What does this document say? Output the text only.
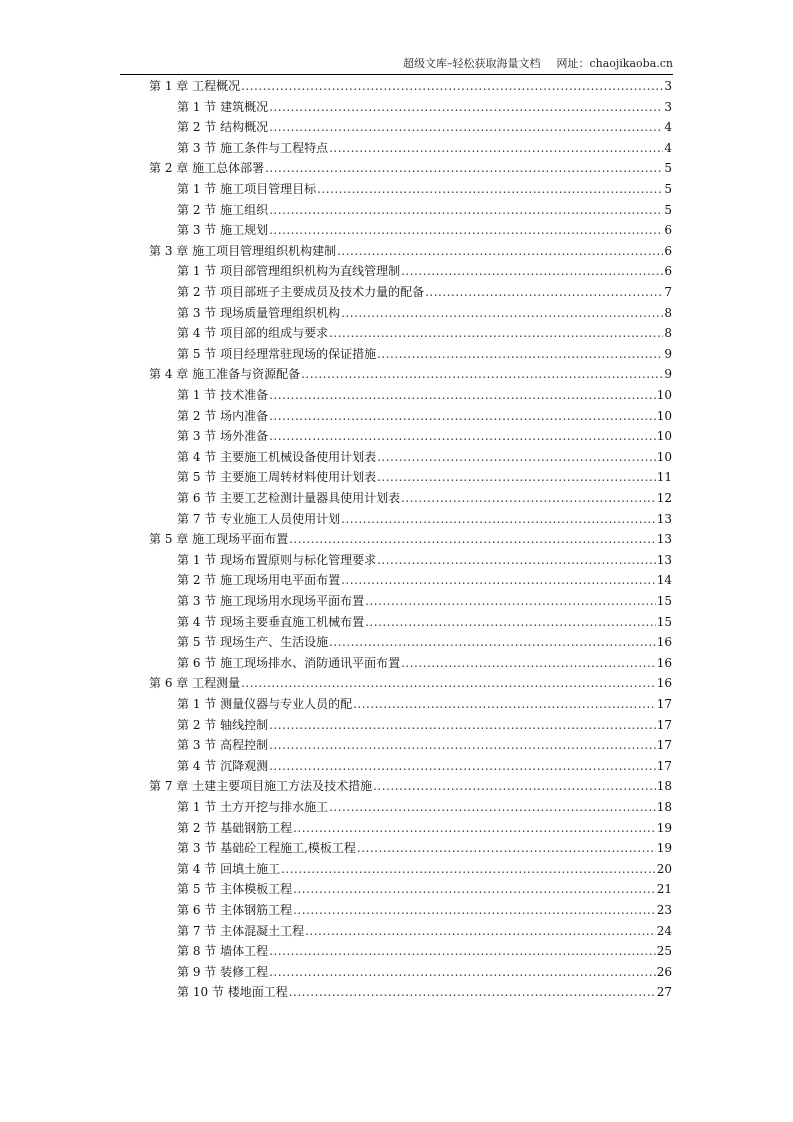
超级文库–轻松获取海量文档 网址：chaojikaoba.cn
第 1 章 工程概况 .....	3
第 1 节 建筑概况 .....	3
第 2 节 结构概况 .....	4
第 3 节 施工条件与工程特点 .....	4
第 2 章 施工总体部署 .....	5
第 1 节 施工项目管理目标 .....	5
第 2 节 施工组织 .....	5
第 3 节 施工规划 .....	6
第 3 章 施工项目管理组织机构建制 .....	6
第 1 节 项目部管理组织机构为直线管理制 .....	6
第 2 节 项目部班子主要成员及技术力量的配备 .....	7
第 3 节 现场质量管理组织机构 .....	8
第 4 节 项目部的组成与要求 .....	8
第 5 节 项目经理常驻现场的保证措施 .....	9
第 4 章 施工准备与资源配备 .....	9
第 1 节 技术准备 .....	10
第 2 节 场内准备 .....	10
第 3 节 场外准备 .....	10
第 4 节 主要施工机械设备使用计划表 .....	10
第 5 节 主要施工周转材料使用计划表 .....	11
第 6 节 主要工艺检测计量器具使用计划表 .....	12
第 7 节 专业施工人员使用计划 .....	13
第 5 章 施工现场平面布置 .....	13
第 1 节 现场布置原则与标化管理要求 .....	13
第 2 节 施工现场用电平面布置 .....	14
第 3 节 施工现场用水现场平面布置 .....	15
第 4 节 现场主要垂直施工机械布置 .....	15
第 5 节 现场生产、生活设施 .....	16
第 6 节 施工现场排水、消防通讯平面布置 .....	16
第 6 章 工程测量 .....	16
第 1 节 测量仪器与专业人员的配 .....	17
第 2 节 轴线控制 .....	17
第 3 节 高程控制 .....	17
第 4 节 沉降观测 .....	17
第 7 章 土建主要项目施工方法及技术措施 .....	18
第 1 节 土方开挖与排水施工 .....	18
第 2 节 基础钢筋工程 .....	19
第 3 节 基础砼工程施工,模板工程 .....	19
第 4 节 回填土施工 .....	20
第 5 节 主体模板工程 .....	21
第 6 节 主体钢筋工程 .....	23
第 7 节 主体混凝土工程 .....	24
第 8 节 墙体工程 .....	25
第 9 节 装修工程 .....	26
第 10 节 楼地面工程 .....	27
